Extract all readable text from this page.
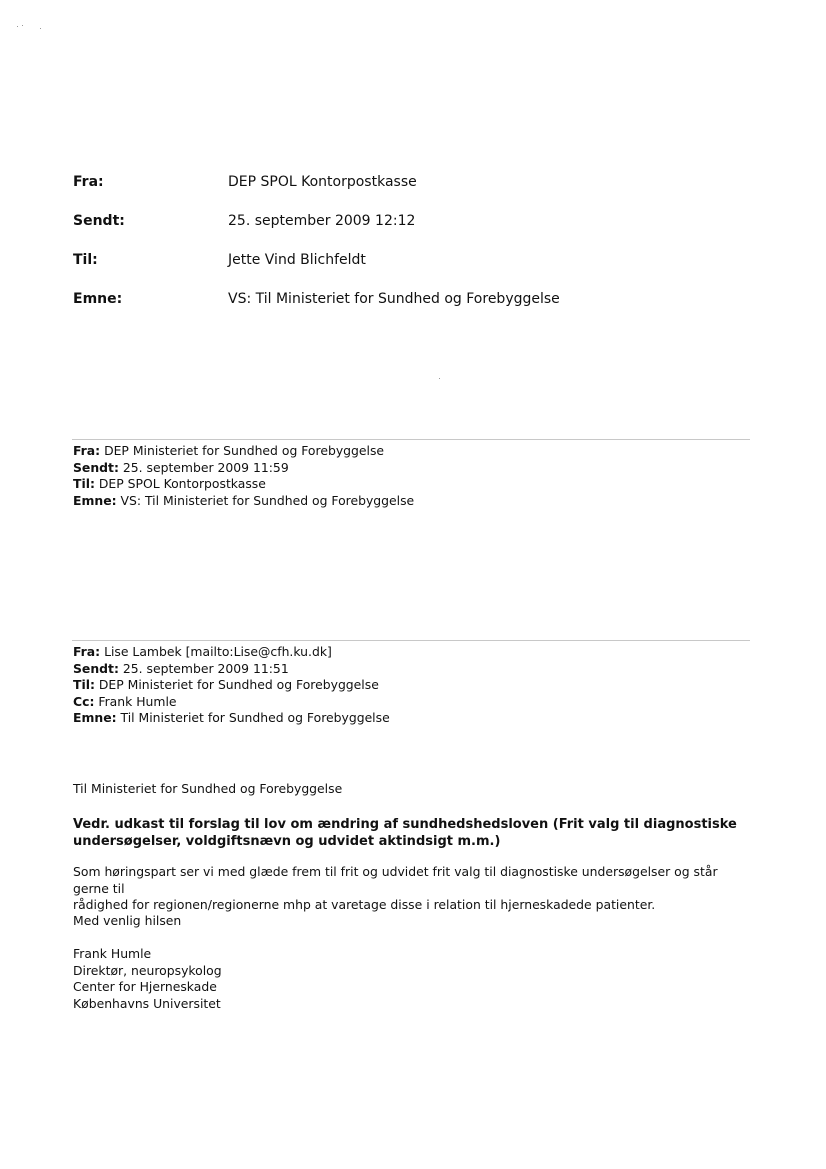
Fra:	DEP SPOL Kontorpostkasse
Sendt:	25. september 2009 12:12
Til:	Jette Vind Blichfeldt
Emne:	VS: Til Ministeriet for Sundhed og Forebyggelse
Fra: DEP Ministeriet for Sundhed og Forebyggelse
Sendt: 25. september 2009 11:59
Til: DEP SPOL Kontorpostkasse
Emne: VS: Til Ministeriet for Sundhed og Forebyggelse
Fra: Lise Lambek [mailto:Lise@cfh.ku.dk]
Sendt: 25. september 2009 11:51
Til: DEP Ministeriet for Sundhed og Forebyggelse
Cc: Frank Humle
Emne: Til Ministeriet for Sundhed og Forebyggelse
Til Ministeriet for Sundhed og Forebyggelse
Vedr. udkast til forslag til lov om ændring af sundhedshedsloven (Frit valg til diagnostiske
undersøgelser, voldgiftsnævn og udvidet aktindsigt m.m.)
Som høringspart ser vi med glæde frem til frit og udvidet frit valg til diagnostiske undersøgelser og står gerne til
rådighed for regionen/regionerne mhp at varetage disse i relation til hjerneskadede patienter.
Med venlig hilsen
Frank Humle
Direktør, neuropsykolog
Center for Hjerneskade
Københavns Universitet
